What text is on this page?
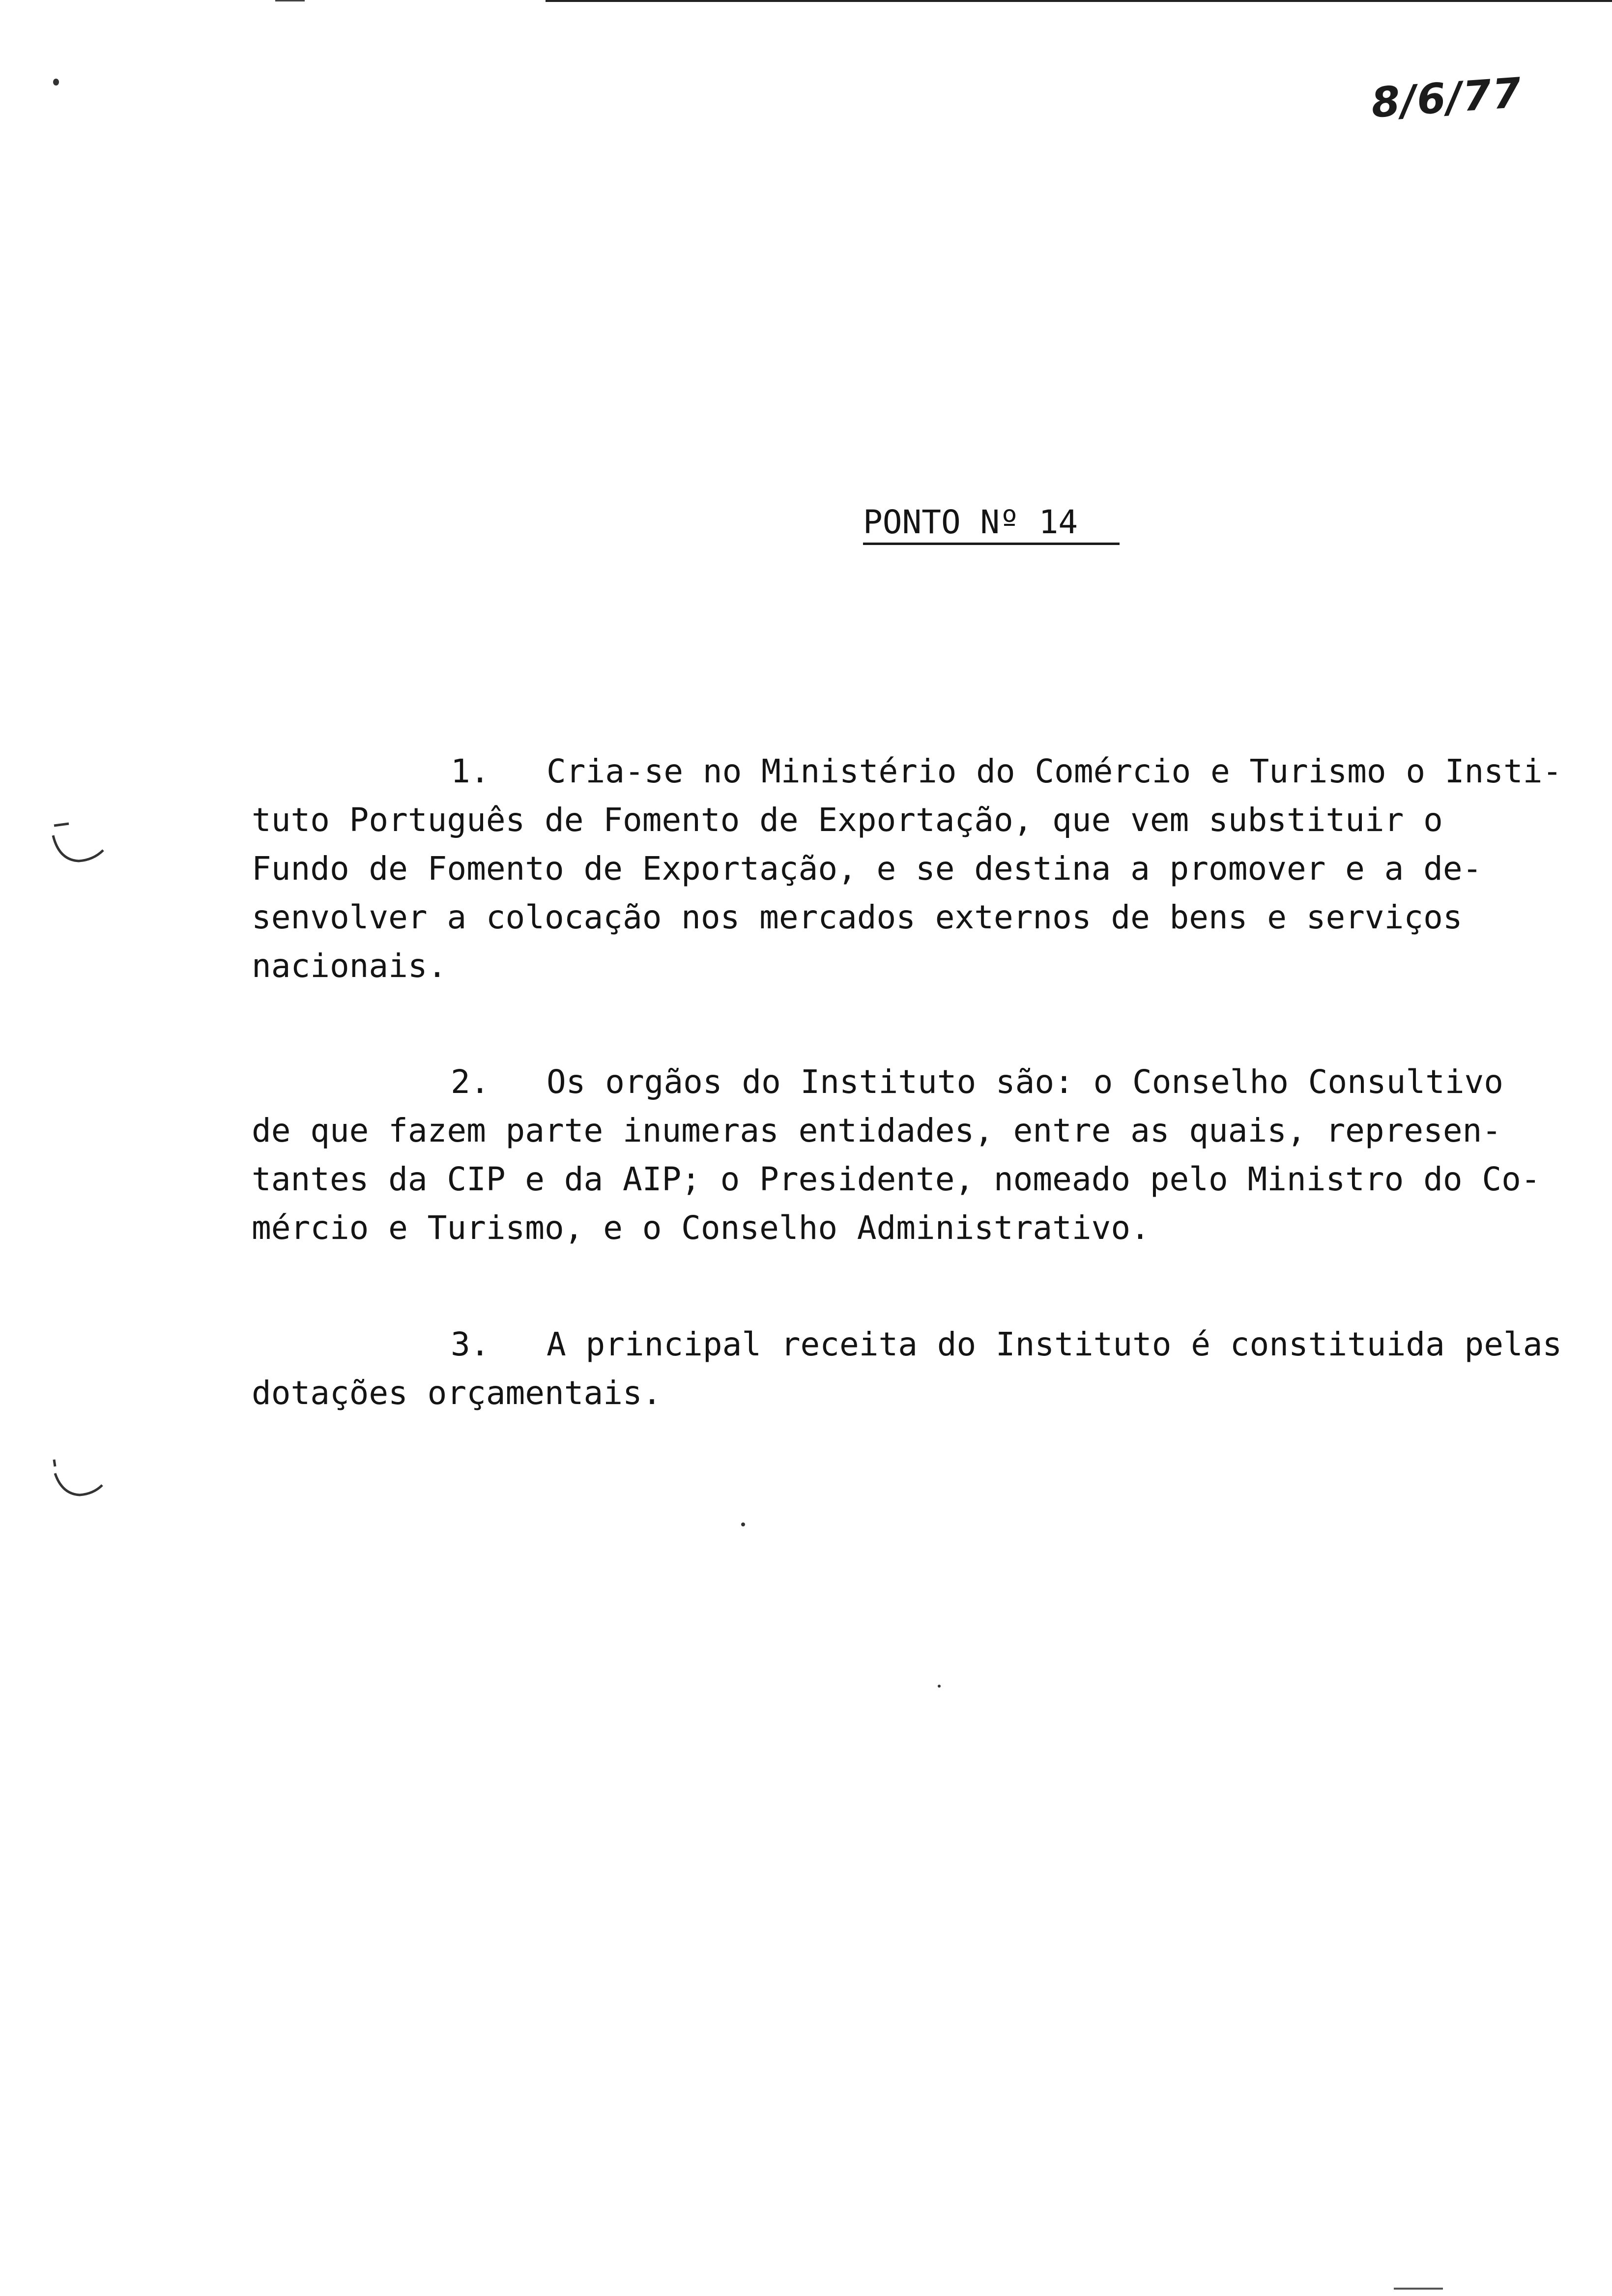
8/6/77
PONTO Nº 14
1. Cria-se no Ministério do Comércio e Turismo o Insti-
tuto Português de Fomento de Exportação, que vem substituir o
Fundo de Fomento de Exportação, e se destina a promover e a de-
senvolver a colocação nos mercados externos de bens e serviços
nacionais.
2. Os orgãos do Instituto são: o Conselho Consultivo
de que fazem parte inumeras entidades, entre as quais, represen-
tantes da CIP e da AIP; o Presidente, nomeado pelo Ministro do Co-
mércio e Turismo, e o Conselho Administrativo.
3. A principal receita do Instituto é constituida pelas
dotações orçamentais.
